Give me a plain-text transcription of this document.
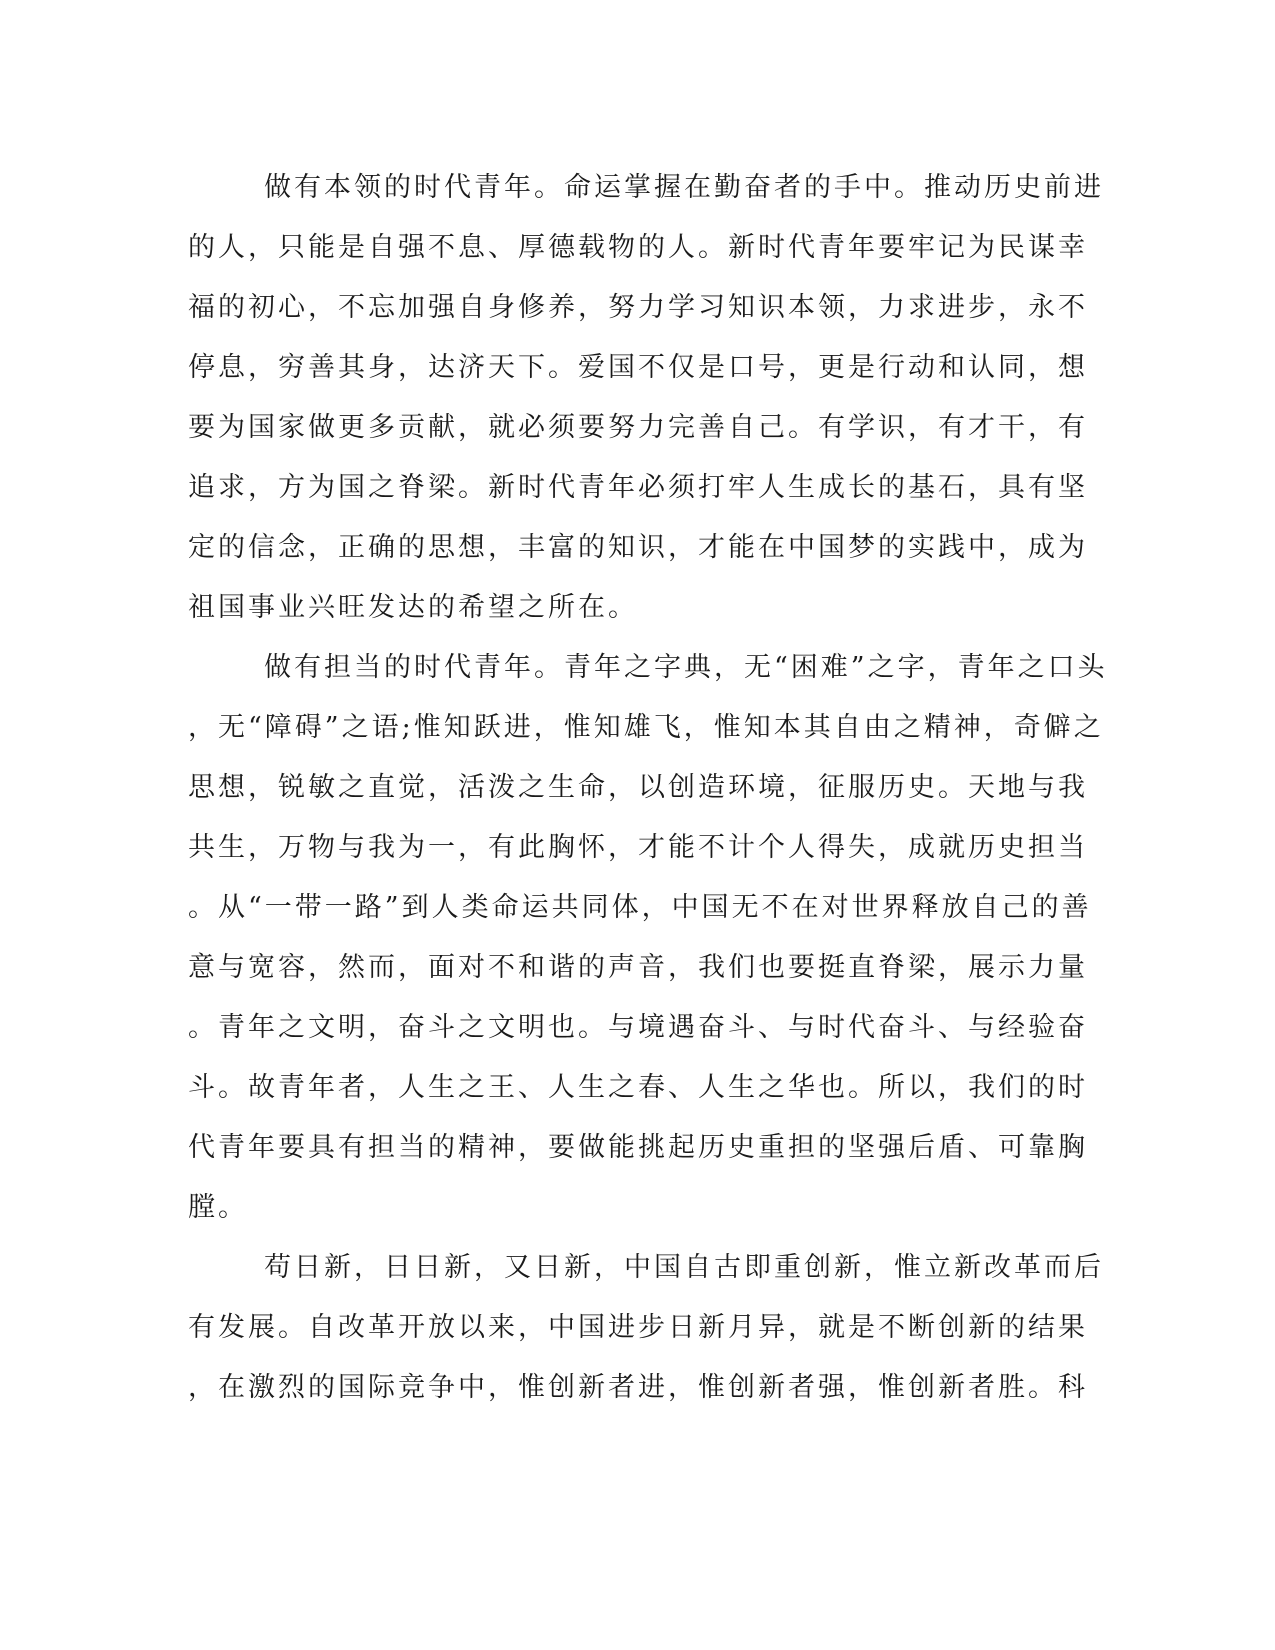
做有本领的时代青年。命运掌握在勤奋者的手中。推动历史前进
的人，只能是自强不息、厚德载物的人。新时代青年要牢记为民谋幸
福的初心，不忘加强自身修养，努力学习知识本领，力求进步，永不
停息，穷善其身，达济天下。爱国不仅是口号，更是行动和认同，想
要为国家做更多贡献，就必须要努力完善自己。有学识，有才干，有
追求，方为国之脊梁。新时代青年必须打牢人生成长的基石，具有坚
定的信念，正确的思想，丰富的知识，才能在中国梦的实践中，成为
祖国事业兴旺发达的希望之所在。
做有担当的时代青年。青年之字典，无“困难”之字，青年之口头
，无“障碍”之语;惟知跃进，惟知雄飞，惟知本其自由之精神，奇僻之
思想，锐敏之直觉，活泼之生命，以创造环境，征服历史。天地与我
共生，万物与我为一，有此胸怀，才能不计个人得失，成就历史担当
。从“一带一路”到人类命运共同体，中国无不在对世界释放自己的善
意与宽容，然而，面对不和谐的声音，我们也要挺直脊梁，展示力量
。青年之文明，奋斗之文明也。与境遇奋斗、与时代奋斗、与经验奋
斗。故青年者，人生之王、人生之春、人生之华也。所以，我们的时
代青年要具有担当的精神，要做能挑起历史重担的坚强后盾、可靠胸
膛。
苟日新，日日新，又日新，中国自古即重创新，惟立新改革而后
有发展。自改革开放以来，中国进步日新月异，就是不断创新的结果
，在激烈的国际竞争中，惟创新者进，惟创新者强，惟创新者胜。科
